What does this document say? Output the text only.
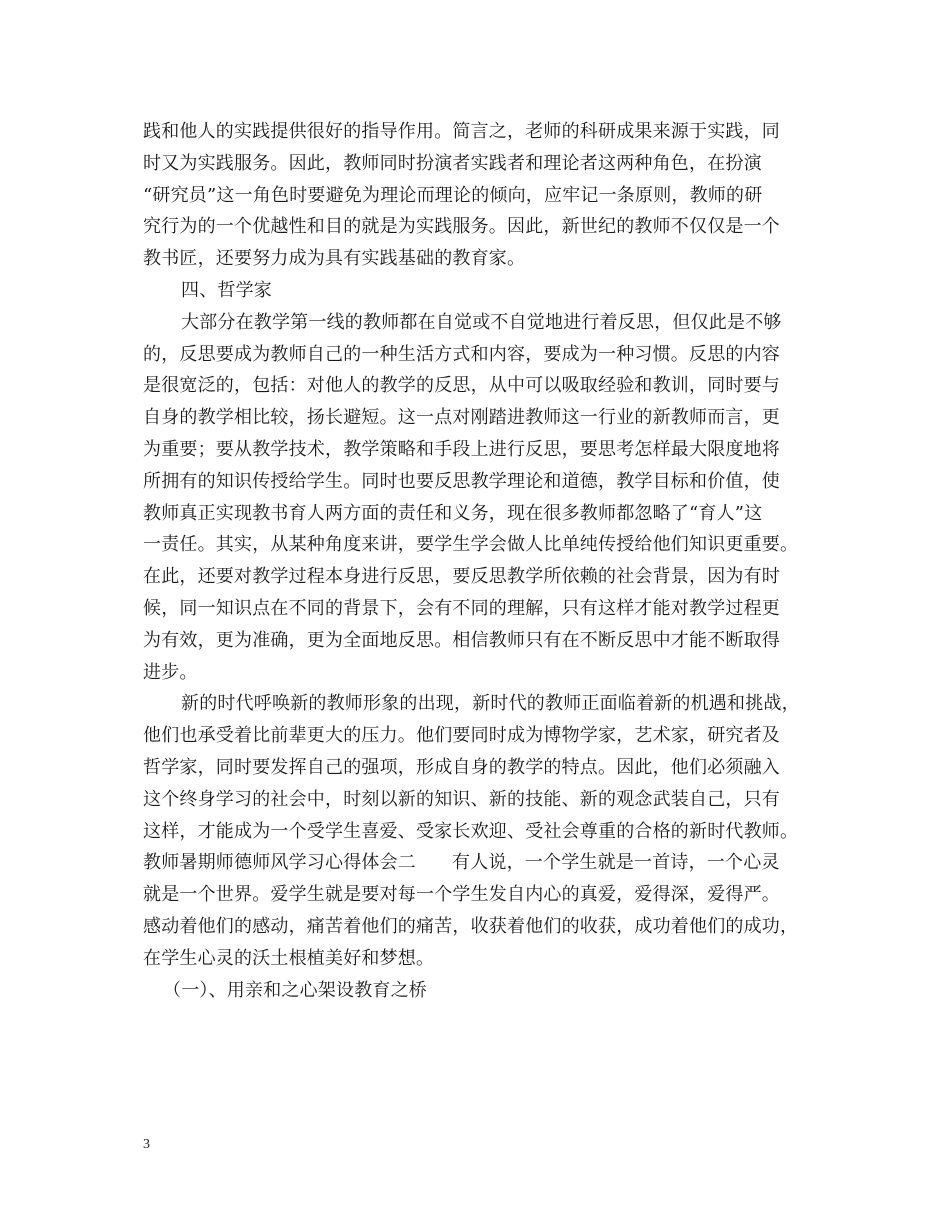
践和他人的实践提供很好的指导作用。简言之，老师的科研成果来源于实践，同
时又为实践服务。因此，教师同时扮演者实践者和理论者这两种角色，在扮演
“研究员”这一角色时要避免为理论而理论的倾向，应牢记一条原则，教师的研
究行为的一个优越性和目的就是为实践服务。因此，新世纪的教师不仅仅是一个
教书匠，还要努力成为具有实践基础的教育家。
四、哲学家
大部分在教学第一线的教师都在自觉或不自觉地进行着反思，但仅此是不够
的，反思要成为教师自己的一种生活方式和内容，要成为一种习惯。反思的内容
是很宽泛的，包括：对他人的教学的反思，从中可以吸取经验和教训，同时要与
自身的教学相比较，扬长避短。这一点对刚踏进教师这一行业的新教师而言，更
为重要；要从教学技术，教学策略和手段上进行反思，要思考怎样最大限度地将
所拥有的知识传授给学生。同时也要反思教学理论和道德，教学目标和价值，使
教师真正实现教书育人两方面的责任和义务，现在很多教师都忽略了“育人”这
一责任。其实，从某种角度来讲，要学生学会做人比单纯传授给他们知识更重要。
在此，还要对教学过程本身进行反思，要反思教学所依赖的社会背景，因为有时
候，同一知识点在不同的背景下，会有不同的理解，只有这样才能对教学过程更
为有效，更为准确，更为全面地反思。相信教师只有在不断反思中才能不断取得
进步。
新的时代呼唤新的教师形象的出现，新时代的教师正面临着新的机遇和挑战，
他们也承受着比前辈更大的压力。他们要同时成为博物学家，艺术家，研究者及
哲学家，同时要发挥自己的强项，形成自身的教学的特点。因此，他们必须融入
这个终身学习的社会中，时刻以新的知识、新的技能、新的观念武装自己，只有
这样，才能成为一个受学生喜爱、受家长欢迎、受社会尊重的合格的新时代教师。
教师暑期师德师风学习心得体会二 有人说，一个学生就是一首诗，一个心灵
就是一个世界。爱学生就是要对每一个学生发自内心的真爱，爱得深，爱得严。
感动着他们的感动，痛苦着他们的痛苦，收获着他们的收获，成功着他们的成功，
在学生心灵的沃土根植美好和梦想。
（一）、用亲和之心架设教育之桥
3
